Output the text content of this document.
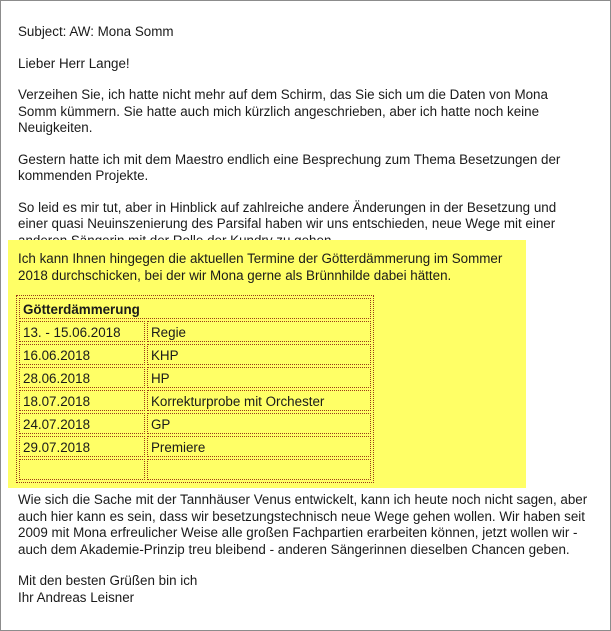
Subject: AW: Mona Somm

Lieber Herr Lange!

Verzeihen Sie, ich hatte nicht mehr auf dem Schirm, das Sie sich um die Daten von Mona Somm kümmern. Sie hatte auch mich kürzlich angeschrieben, aber ich hatte noch keine Neuigkeiten.

Gestern hatte ich mit dem Maestro endlich eine Besprechung zum Thema Besetzungen der kommenden Projekte.

So leid es mir tut, aber in Hinblick auf zahlreiche andere Änderungen in der Besetzung und einer quasi Neuinszenierung des Parsifal haben wir uns entschieden, neue Wege mit einer

Ich kann Ihnen hingegen die aktuellen Termine der Götterdämmerung im Sommer 2018 durchschicken, bei der wir Mona gerne als Brünnhilde dabei hätten.
Götterdämmerung	
13. - 15.06.2018	Regie
16.06.2018	KHP
28.06.2018	HP
18.07.2018	Korrekturprobe mit Orchester
24.07.2018	GP
29.07.2018	Premiere

Wie sich die Sache mit der Tannhäuser Venus entwickelt, kann ich heute noch nicht sagen, aber auch hier kann es sein, dass wir besetzungstechnisch neue Wege gehen wollen. Wir haben seit 2009 mit Mona erfreulicher Weise alle großen Fachpartien erarbeiten können, jetzt wollen wir - auch dem Akademie-Prinzip treu bleibend - anderen Sängerinnen dieselben Chancen geben.

Mit den besten Grüßen bin ich

Ihr Andreas Leisner
